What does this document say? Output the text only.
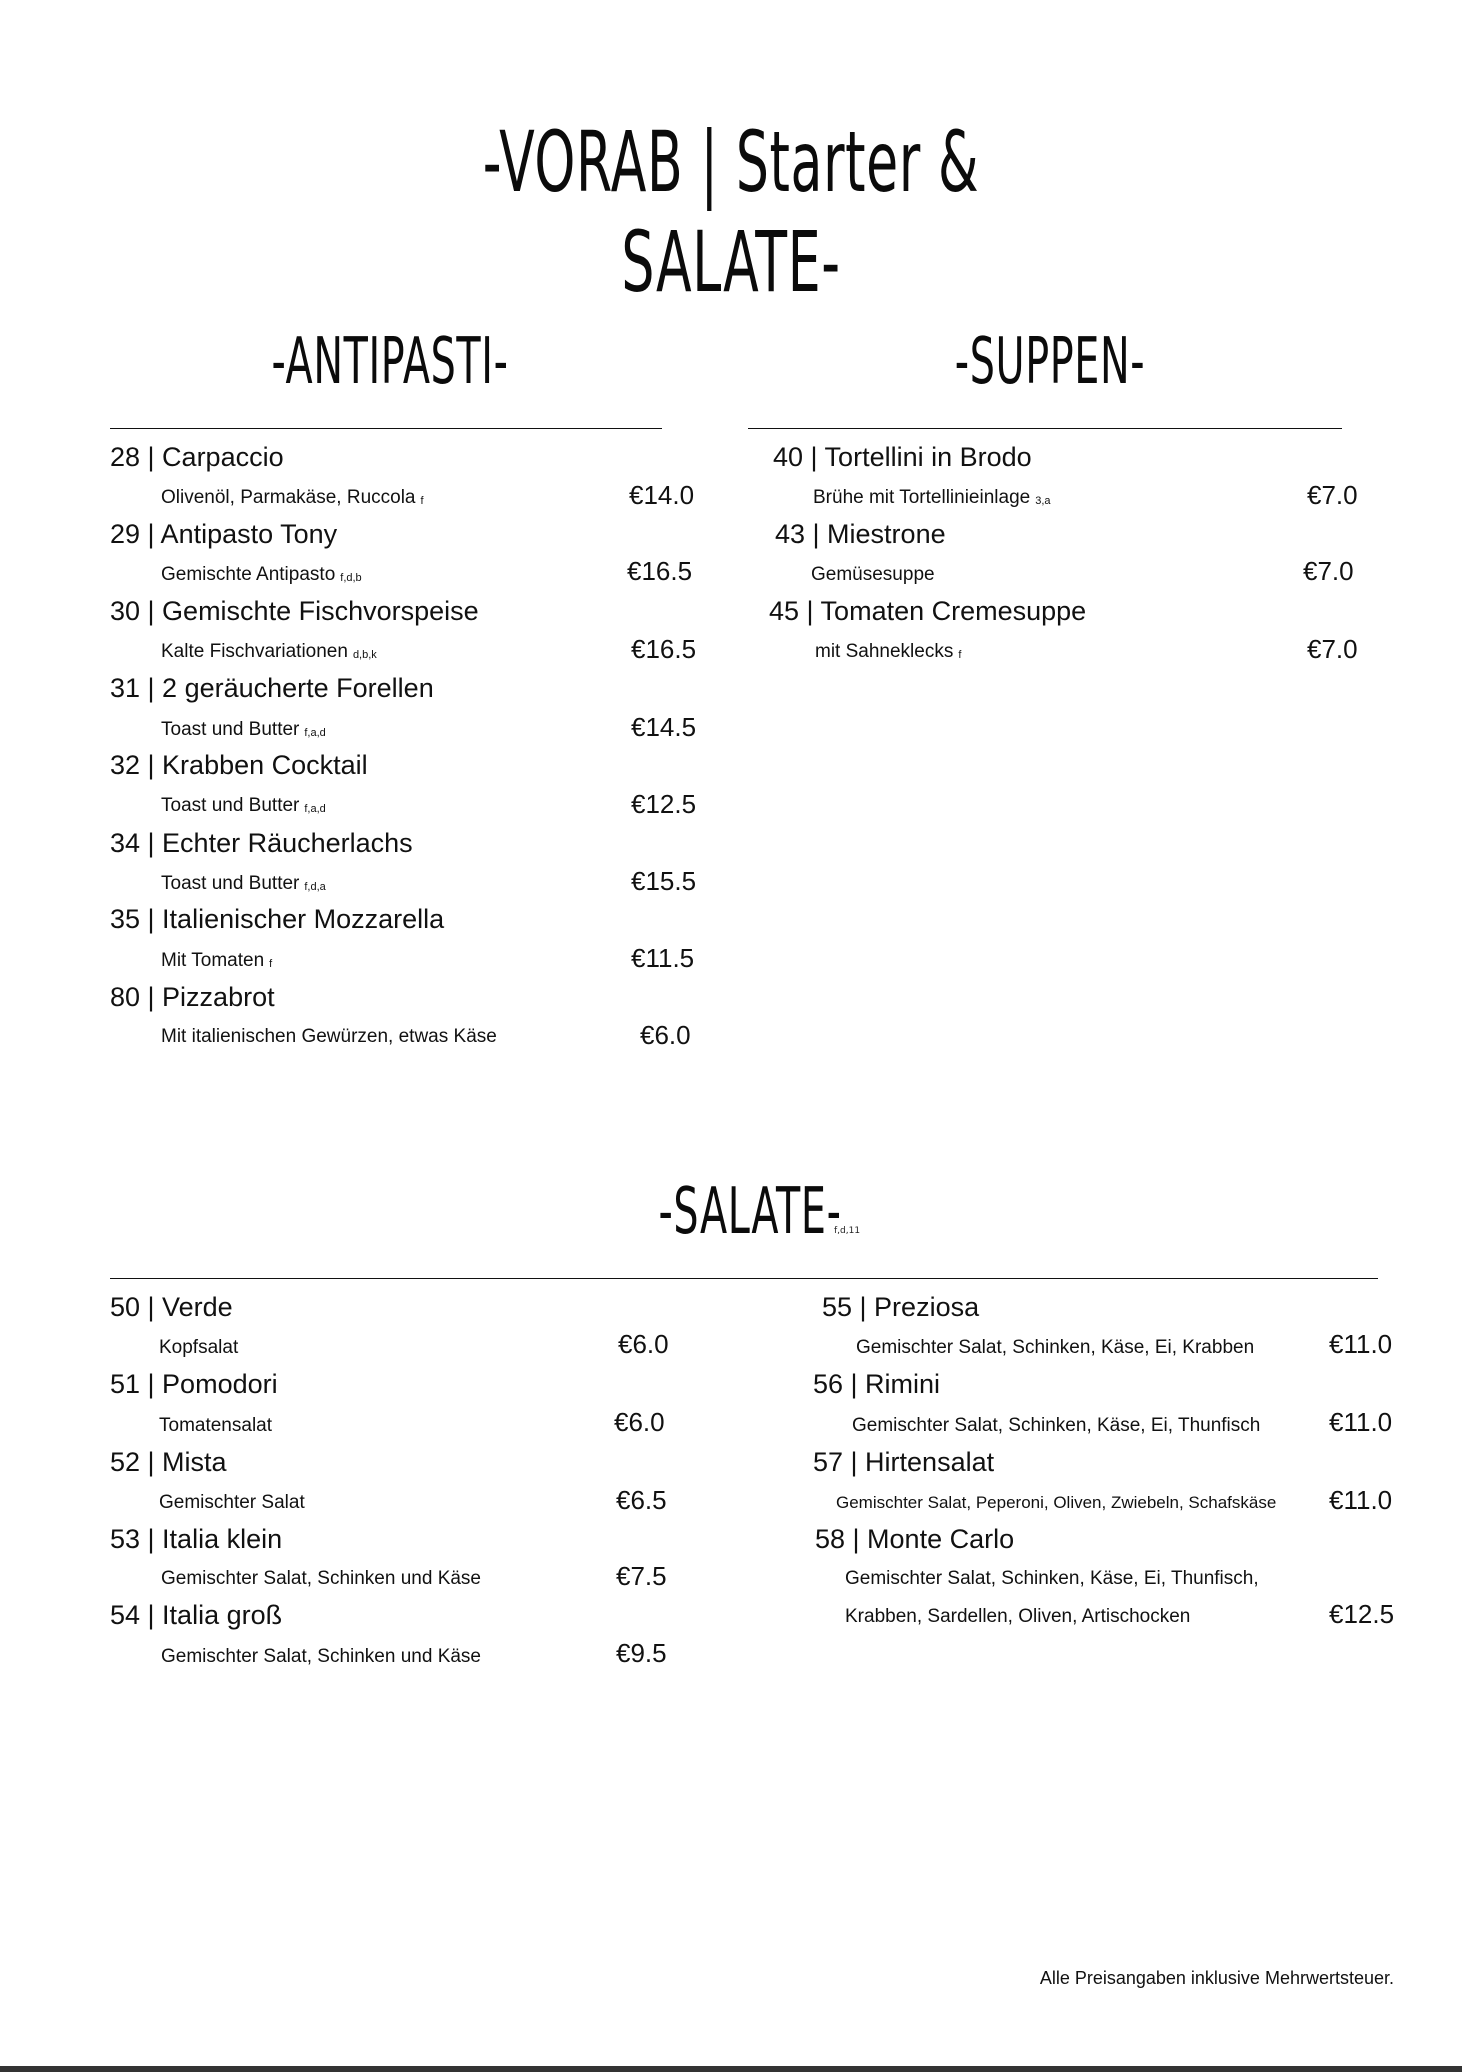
-VORAB | Starter & SALATE-
-ANTIPASTI-	-SUPPEN-
-SALATE-
f,d,11
28 | Carpaccio
Olivenöl, Parmakäse, Ruccola f	€14.0
29 | Antipasto Tony
Gemischte Antipasto f,d,b	€16.5
30 | Gemischte Fischvorspeise
Kalte Fischvariationen d,b,k	€16.5
31 | 2 geräucherte Forellen
Toast und Butter f,a,d	€14.5
32 | Krabben Cocktail
Toast und Butter f,a,d	€12.5
34 | Echter Räucherlachs
Toast und Butter f,d,a	€15.5
35 | Italienischer Mozzarella
Mit Tomaten f	€11.5
80 | Pizzabrot
Mit italienischen Gewürzen, etwas Käse	€6.0
40 | Tortellini in Brodo
Brühe mit Tortellinieinlage 3,a	€7.0
43 | Miestrone
Gemüsesuppe	€7.0
45 | Tomaten Cremesuppe
mit Sahneklecks f	€7.0
50 | Verde
Kopfsalat	€6.0
51 | Pomodori
Tomatensalat	€6.0
52 | Mista
Gemischter Salat	€6.5
53 | Italia klein
Gemischter Salat, Schinken und Käse	€7.5
54 | Italia groß
Gemischter Salat, Schinken und Käse	€9.5
55 | Preziosa
Gemischter Salat, Schinken, Käse, Ei, Krabben	€11.0
56 | Rimini
Gemischter Salat, Schinken, Käse, Ei, Thunfisch	€11.0
57 | Hirtensalat
Gemischter Salat, Peperoni, Oliven, Zwiebeln, Schafskäse €11.0
58 | Monte Carlo
Gemischter Salat, Schinken, Käse, Ei, Thunfisch,
Krabben, Sardellen, Oliven, Artischocken	€12.5
Alle Preisangaben inklusive Mehrwertsteuer.
